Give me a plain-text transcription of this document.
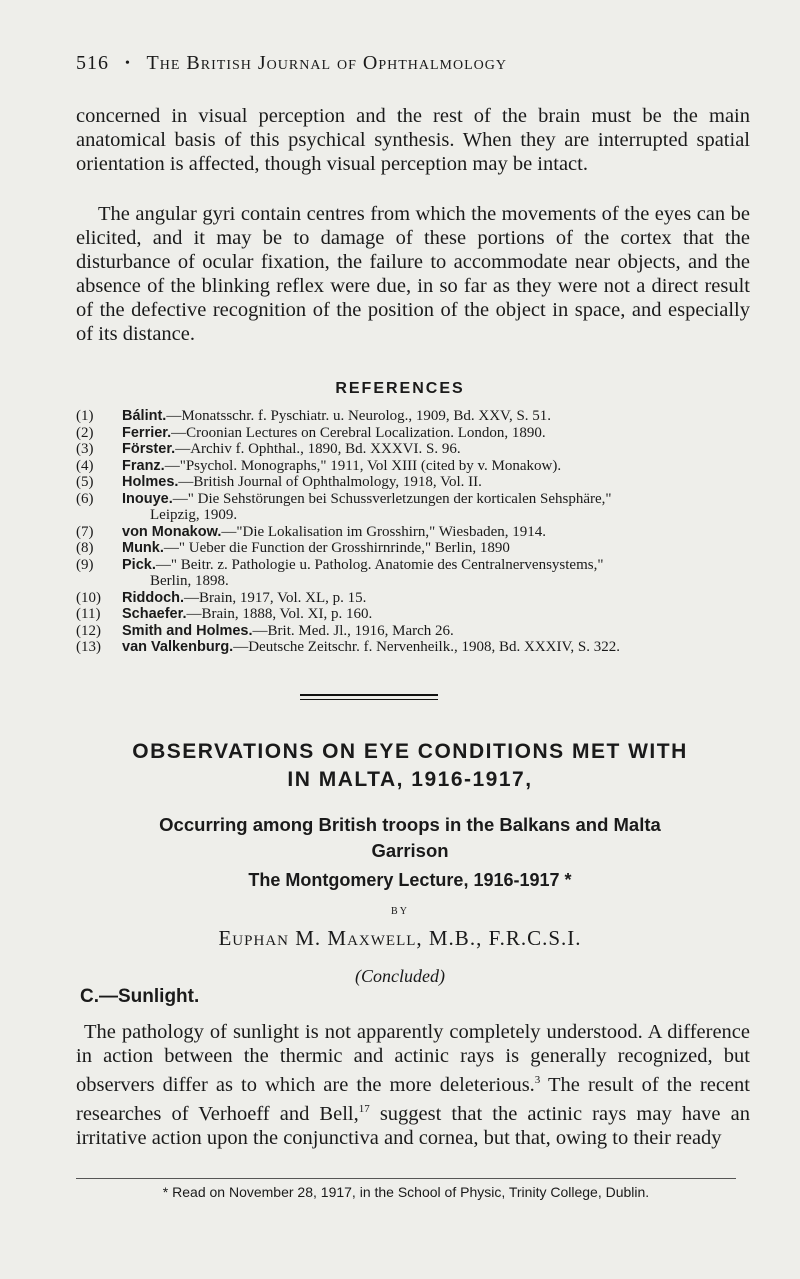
516 • The British Journal of Ophthalmology

concerned in visual perception and the rest of the brain must be the main anatomical basis of this psychical synthesis. When they are interrupted spatial orientation is affected, though visual perception may be intact.

The angular gyri contain centres from which the movements of the eyes can be elicited, and it may be to damage of these portions of the cortex that the disturbance of ocular fixation, the failure to accommodate near objects, and the absence of the blinking reflex were due, in so far as they were not a direct result of the defective recognition of the position of the object in space, and especially of its distance.

REFERENCES
(1) Bálint.—Monatsschr. f. Pyschiatr. u. Neurolog., 1909, Bd. XXV, S. 51.
(2) Ferrier.—Croonian Lectures on Cerebral Localization. London, 1890.
(3) Förster.—Archiv f. Ophthal., 1890, Bd. XXXVI. S. 96.
(4) Franz.—"Psychol. Monographs," 1911, Vol XIII (cited by v. Monakow).
(5) Holmes.—British Journal of Ophthalmology, 1918, Vol. II.
(6) Inouye.—" Die Sehstörungen bei Schussverletzungen der korticalen Sehsphäre,"
Leipzig, 1909.
(7) von Monakow.—"Die Lokalisation im Grosshirn," Wiesbaden, 1914.
(8) Munk.—" Ueber die Function der Grosshirnrinde," Berlin, 1890
(9) Pick.—" Beitr. z. Pathologie u. Patholog. Anatomie des Centralnervensystems,"
Berlin, 1898.
(10) Riddoch.—Brain, 1917, Vol. XL, p. 15.
(11) Schaefer.—Brain, 1888, Vol. XI, p. 160.
(12) Smith and Holmes.—Brit. Med. Jl., 1916, March 26.
(13) van Valkenburg.—Deutsche Zeitschr. f. Nervenheilk., 1908, Bd. XXXIV, S. 322.
OBSERVATIONS ON EYE CONDITIONS MET WITH
IN MALTA, 1916-1917,
Occurring among British troops in the Balkans and Malta
Garrison
The Montgomery Lecture, 1916-1917 *
BY
Euphan M. Maxwell, M.B., F.R.C.S.I.
(Concluded)
C.—Sunlight.

The pathology of sunlight is not apparently completely understood. A difference in action between the thermic and actinic rays is generally recognized, but observers differ as to which are the more deleterious.$^3$ The result of the recent researches of Verhoeff and Bell,$^{17}$ suggest that the actinic rays may have an irritative action upon the conjunctiva and cornea, but that, owing to their ready

* Read on November 28, 1917, in the School of Physic, Trinity College, Dublin.
